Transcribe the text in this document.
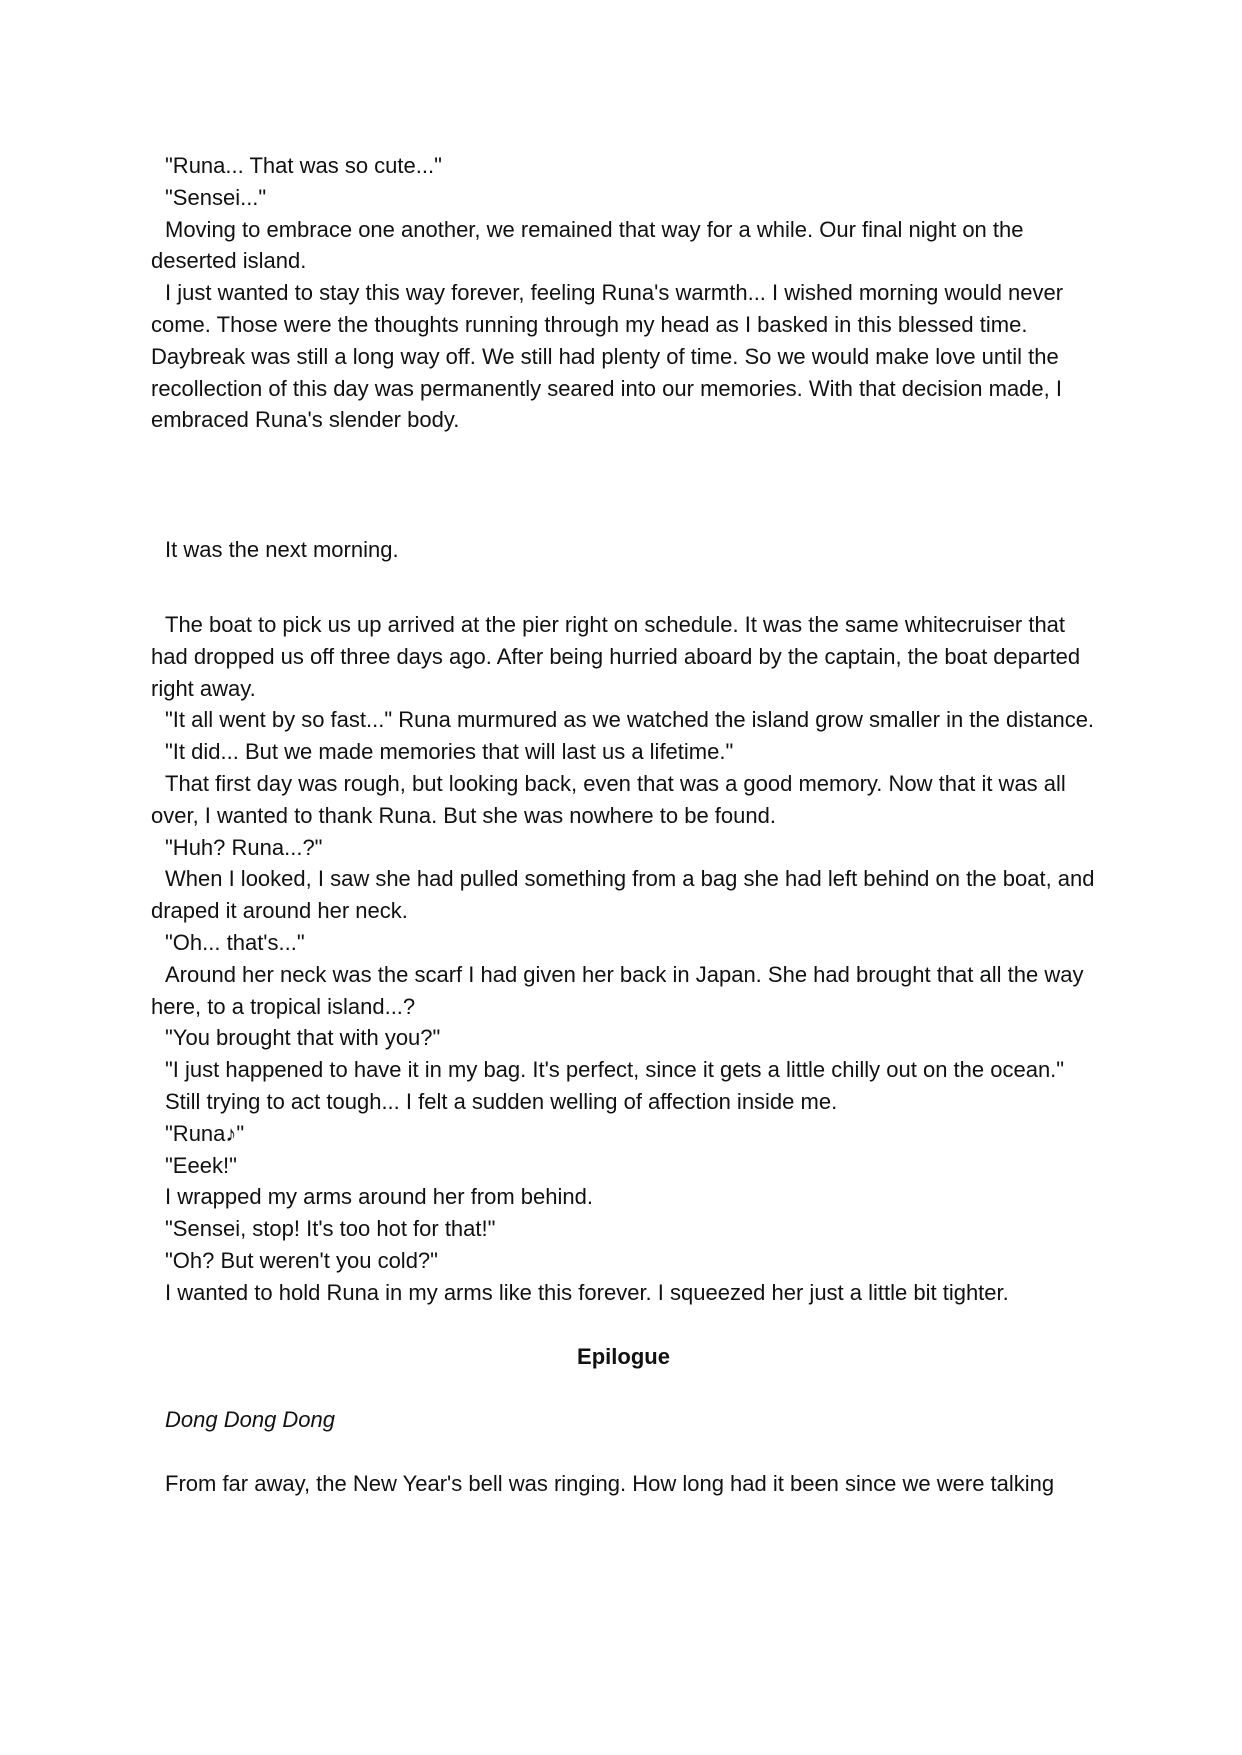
"Runa... That was so cute..."

"Sensei..."

Moving to embrace one another, we remained that way for a while. Our final night on the deserted island.

I just wanted to stay this way forever, feeling Runa's warmth... I wished morning would never come. Those were the thoughts running through my head as I basked in this blessed time. Daybreak was still a long way off. We still had plenty of time. So we would make love until the recollection of this day was permanently seared into our memories. With that decision made, I embraced Runa's slender body.

It was the next morning.

The boat to pick us up arrived at the pier right on schedule. It was the same whitecruiser that had dropped us off three days ago. After being hurried aboard by the captain, the boat departed right away.

"It all went by so fast..." Runa murmured as we watched the island grow smaller in the distance.

"It did... But we made memories that will last us a lifetime."

That first day was rough, but looking back, even that was a good memory. Now that it was all over, I wanted to thank Runa. But she was nowhere to be found.

"Huh? Runa...?"

When I looked, I saw she had pulled something from a bag she had left behind on the boat, and draped it around her neck.

"Oh... that's..."

Around her neck was the scarf I had given her back in Japan. She had brought that all the way here, to a tropical island...?

"You brought that with you?"

"I just happened to have it in my bag. It's perfect, since it gets a little chilly out on the ocean."

Still trying to act tough... I felt a sudden welling of affection inside me.

"Runa♪"

"Eeek!"

I wrapped my arms around her from behind.

"Sensei, stop! It's too hot for that!"

"Oh? But weren't you cold?"

I wanted to hold Runa in my arms like this forever. I squeezed her just a little bit tighter.

Epilogue

Dong Dong Dong

From far away, the New Year's bell was ringing. How long had it been since we were talking
